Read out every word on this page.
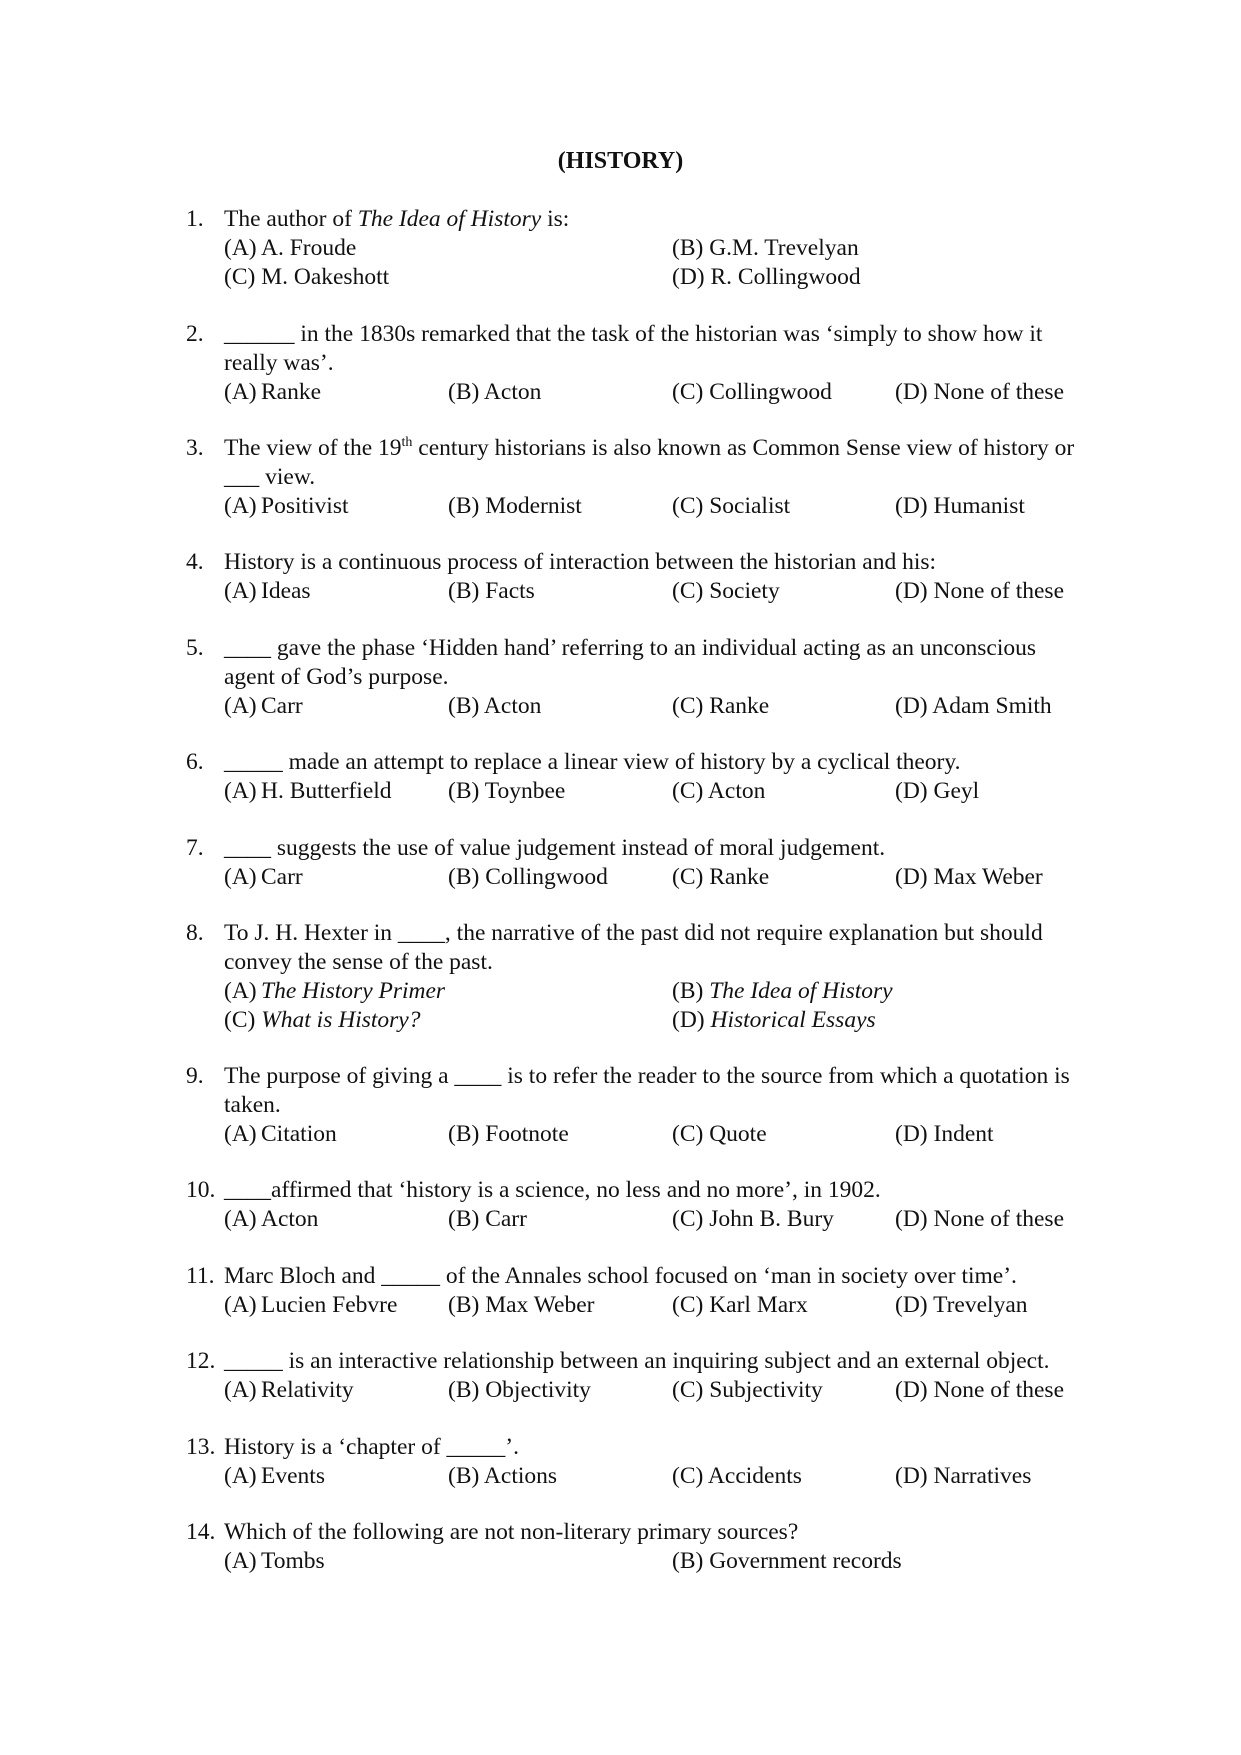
(HISTORY)
1. The author of The Idea of History is:
(A) A. Froude	(B) G.M. Trevelyan
(C) M. Oakeshott	(D) R. Collingwood
2. ______ in the 1830s remarked that the task of the historian was ‘simply to show how it really was’.
(A) Ranke	(B) Acton	(C) Collingwood	(D) None of these
3. The view of the 19th century historians is also known as Common Sense view of history or ___ view.
(A) Positivist	(B) Modernist	(C) Socialist	(D) Humanist
4. History is a continuous process of interaction between the historian and his:
(A) Ideas	(B) Facts	(C) Society	(D) None of these
5. ____ gave the phase ‘Hidden hand’ referring to an individual acting as an unconscious agent of God’s purpose.
(A) Carr	(B) Acton	(C) Ranke	(D) Adam Smith
6. _____ made an attempt to replace a linear view of history by a cyclical theory.
(A) H. Butterfield (B) Toynbee	(C) Acton	(D) Geyl
7. ____ suggests the use of value judgement instead of moral judgement.
(A) Carr	(B) Collingwood	(C) Ranke	(D) Max Weber
8. To J. H. Hexter in ____, the narrative of the past did not require explanation but should convey the sense of the past.
(A) The History Primer	(B) The Idea of History
(C) What is History?	(D) Historical Essays
9. The purpose of giving a ____ is to refer the reader to the source from which a quotation is taken.
(A) Citation	(B) Footnote	(C) Quote	(D) Indent
10. ____affirmed that ‘history is a science, no less and no more’, in 1902.
(A) Acton	(B) Carr	(C) John B. Bury	(D) None of these
11. Marc Bloch and _____ of the Annales school focused on ‘man in society over time’.
(A) Lucien Febvre (B) Max Weber	(C) Karl Marx	(D) Trevelyan
12. _____ is an interactive relationship between an inquiring subject and an external object.
(A) Relativity	(B) Objectivity	(C) Subjectivity	(D) None of these
13. History is a ‘chapter of _____’.
(A) Events	(B) Actions	(C) Accidents	(D) Narratives
14. Which of the following are not non-literary primary sources?
(A) Tombs	(B) Government records
